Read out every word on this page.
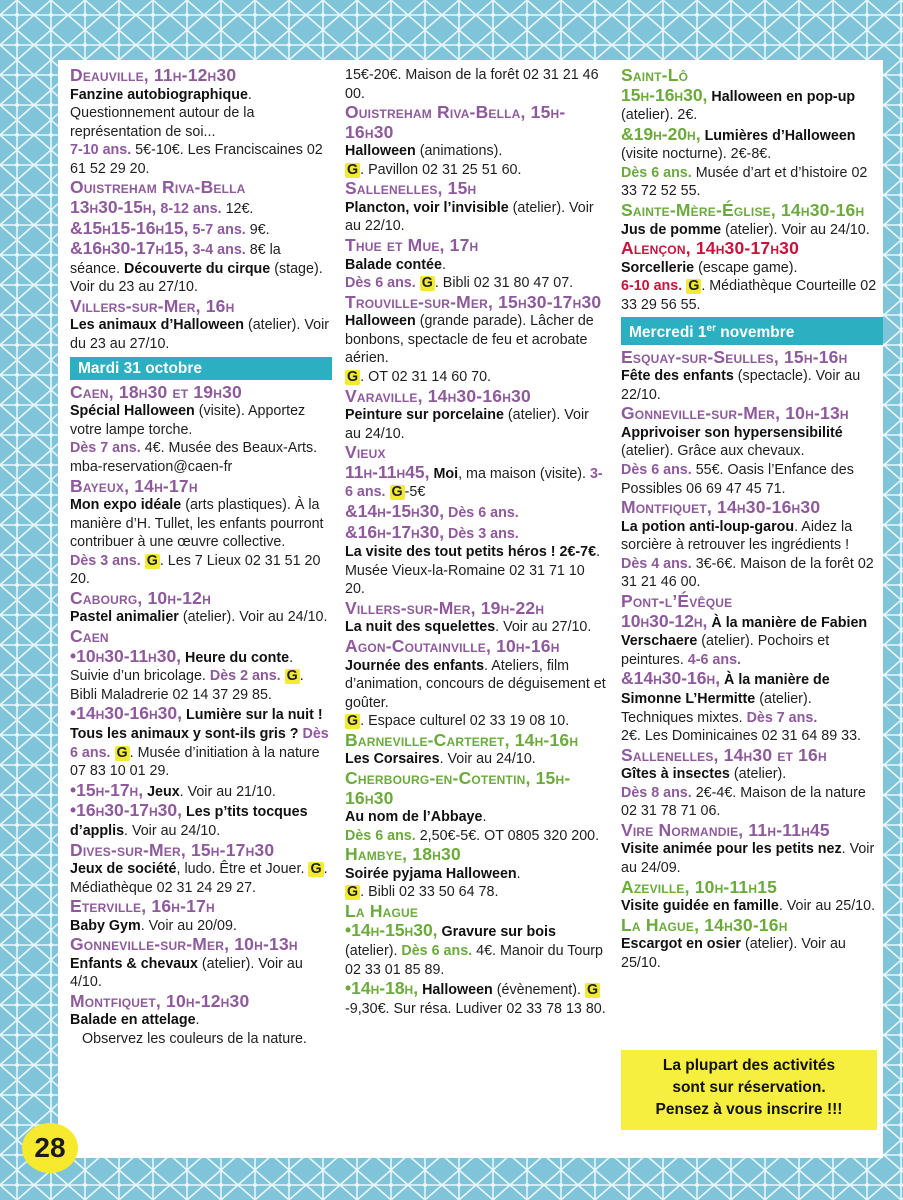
Deauville, 11h-12h30
Fanzine autobiographique. Questionnement autour de la représentation de soi...
7-10 ans. 5€-10€. Les Franciscaines 02 61 52 29 20.
Ouistreham Riva-Bella
13h30-15h, 8-12 ans. 12€.
&15h15-16h15, 5-7 ans. 9€.
&16h30-17h15, 3-4 ans. 8€ la séance. Découverte du cirque (stage).
Voir du 23 au 27/10.
Villers-sur-Mer, 16h
Les animaux d’Halloween (atelier). Voir du 23 au 27/10.
Mardi 31 octobre
Caen, 18h30 et 19h30
Spécial Halloween (visite). Apportez votre lampe torche.
Dès 7 ans. 4€. Musée des Beaux-Arts. mba-reservation@caen-fr
Bayeux, 14h-17h
Mon expo idéale (arts plastiques). À la manière d’H. Tullet, les enfants pourront contribuer à une œuvre collective.
Dès 3 ans. G . Les 7 Lieux 02 31 51 20 20.
Cabourg, 10h-12h
Pastel animalier (atelier). Voir au 24/10.
Caen
•10h30-11h30, Heure du conte. Suivie d’un bricolage. Dès 2 ans. G . Bibli Maladrerie 02 14 37 29 85.
•14h30-16h30, Lumière sur la nuit ! Tous les animaux y sont-ils gris ? Dès 6 ans. G . Musée d’initiation à la nature 07 83 10 01 29.
•15h-17h, Jeux. Voir au 21/10.
•16h30-17h30, Les p’tits tocques d’applis. Voir au 24/10.
Dives-sur-Mer, 15h-17h30
Jeux de société, ludo. Être et Jouer. G . Médiathèque 02 31 24 29 27.
Eterville, 16h-17h
Baby Gym. Voir au 20/09.
Gonneville-sur-Mer, 10h-13h
Enfants & chevaux (atelier). Voir au 4/10.
Montfiquet, 10h-12h30
Balade en attelage.
Observez les couleurs de la nature.
15€-20€. Maison de la forêt 02 31 21 46 00.
Ouistreham Riva-Bella, 15h-16h30
Halloween (animations).
G . Pavillon 02 31 25 51 60.
Sallenelles, 15h
Plancton, voir l’invisible (atelier). Voir au 22/10.
Thue et Mue, 17h
Balade contée.
Dès 6 ans. G . Bibli 02 31 80 47 07.
Trouville-sur-Mer, 15h30-17h30
Halloween (grande parade). Lâcher de bonbons, spectacle de feu et acrobate aérien.
G . OT 02 31 14 60 70.
Varaville, 14h30-16h30
Peinture sur porcelaine (atelier). Voir au 24/10.
Vieux
11h-11h45, Moi, ma maison (visite). 3-6 ans. G -5€
&14h-15h30, Dès 6 ans.
&16h-17h30, Dès 3 ans.
La visite des tout petits héros ! 2€-7€.
Musée Vieux-la-Romaine 02 31 71 10 20.
Villers-sur-Mer, 19h-22h
La nuit des squelettes. Voir au 27/10.
Agon-Coutainville, 10h-16h
Journée des enfants. Ateliers, film d’animation, concours de déguisement et goûter.
G . Espace culturel 02 33 19 08 10.
Barneville-Carteret, 14h-16h
Les Corsaires. Voir au 24/10.
Cherbourg-en-Cotentin, 15h-16h30
Au nom de l’Abbaye.
Dès 6 ans. 2,50€-5€. OT 0805 320 200.
Hambye, 18h30
Soirée pyjama Halloween.
G . Bibli 02 33 50 64 78.
La Hague
•14h-15h30, Gravure sur bois (atelier). Dès 6 ans. 4€. Manoir du Tourp 02 33 01 85 89.
•14h-18h, Halloween (évènement). G-9,30€. Sur résa. Ludiver 02 33 78 13 80.
Saint-Lô
15h-16h30, Halloween en pop-up (atelier). 2€.
&19h-20h, Lumières d’Halloween (visite nocturne). 2€-8€.
Dès 6 ans. Musée d’art et d’histoire 02 33 72 52 55.
Sainte-Mère-Église, 14h30-16h
Jus de pomme (atelier). Voir au 24/10.
Alençon, 14h30-17h30
Sorcellerie (escape game).
6-10 ans. G . Médiathèque Courteille 02 33 29 56 55.
Mercredi 1er novembre
Esquay-sur-Seulles, 15h-16h
Fête des enfants (spectacle). Voir au 22/10.
Gonneville-sur-Mer, 10h-13h
Apprivoiser son hypersensibilité (atelier). Grâce aux chevaux.
Dès 6 ans. 55€. Oasis l’Enfance des Possibles 06 69 47 45 71.
Montfiquet, 14h30-16h30
La potion anti-loup-garou. Aidez la sorcière à retrouver les ingrédients !
Dès 4 ans. 3€-6€. Maison de la forêt 02 31 21 46 00.
Pont-l’Évêque
10h30-12h, À la manière de Fabien Verschaere (atelier). Pochoirs et peintures. 4-6 ans.
&14h30-16h, À la manière de Simonne L’Hermitte (atelier). Techniques mixtes. Dès 7 ans.
2€. Les Dominicaines 02 31 64 89 33.
Sallenelles, 14h30 et 16h
Gîtes à insectes (atelier).
Dès 8 ans. 2€-4€. Maison de la nature 02 31 78 71 06.
Vire Normandie, 11h-11h45
Visite animée pour les petits nez. Voir au 24/09.
Azeville, 10h-11h15
Visite guidée en famille. Voir au 25/10.
La Hague, 14h30-16h
Escargot en osier (atelier). Voir au 25/10.
La plupart des activités
sont sur réservation.
Pensez à vous inscrire !!!
28
